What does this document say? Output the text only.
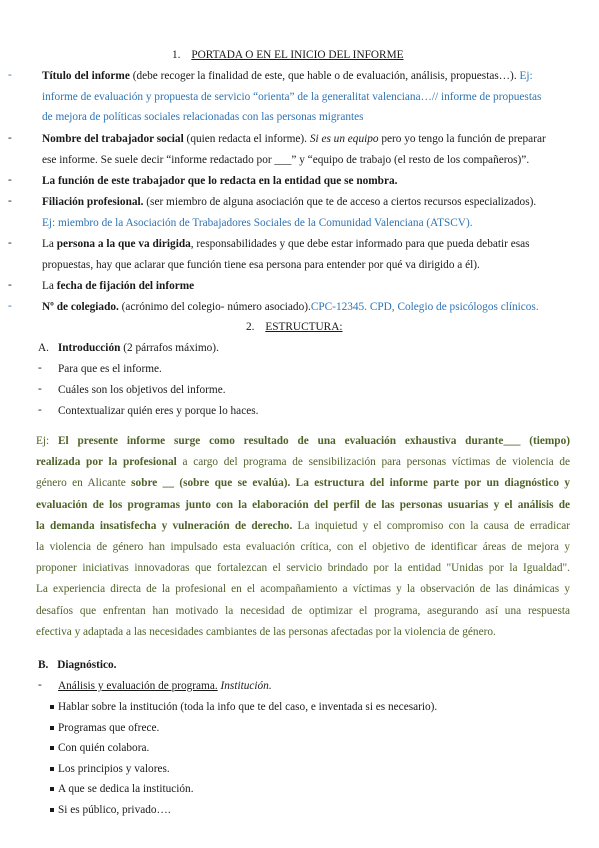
1. PORTADA O EN EL INICIO DEL INFORME
-	Título del informe (debe recoger la finalidad de este, que hable o de evaluación, análisis, propuestas…). Ej:
informe de evaluación y propuesta de servicio “orienta” de la generalitat valenciana…// informe de propuestas
de mejora de políticas sociales relacionadas con las personas migrantes
-	Nombre del trabajador social (quien redacta el informe). Si es un equipo pero yo tengo la función de preparar
ese informe. Se suele decir “informe redactado por ___” y “equipo de trabajo (el resto de los compañeros)”.
-	La función de este trabajador que lo redacta en la entidad que se nombra.
-	Filiación profesional. (ser miembro de alguna asociación que te de acceso a ciertos recursos especializados).
Ej: miembro de la Asociación de Trabajadores Sociales de la Comunidad Valenciana (ATSCV).
-	La persona a la que va dirigida, responsabilidades y que debe estar informado para que pueda debatir esas
propuestas, hay que aclarar que función tiene esa persona para entender por qué va dirigido a él).
-	La fecha de fijación del informe
-	Nº de colegiado. (acrónimo del colegio- número asociado).CPC-12345. CPD, Colegio de psicólogos clínicos.
2. ESTRUCTURA:
A. Introducción (2 párrafos máximo).
- Para que es el informe.
- Cuáles son los objetivos del informe.
- Contextualizar quién eres y porque lo haces.
Ej: El presente informe surge como resultado de una evaluación exhaustiva durante___ (tiempo)
realizada por la profesional a cargo del programa de sensibilización para personas víctimas de violencia de
género en Alicante sobre __ (sobre que se evalúa). La estructura del informe parte por un diagnóstico y
evaluación de los programas junto con la elaboración del perfil de las personas usuarias y el análisis de
la demanda insatisfecha y vulneración de derecho. La inquietud y el compromiso con la causa de erradicar
la violencia de género han impulsado esta evaluación crítica, con el objetivo de identificar áreas de mejora y
proponer iniciativas innovadoras que fortalezcan el servicio brindado por la entidad "Unidas por la Igualdad".
La experiencia directa de la profesional en el acompañamiento a víctimas y la observación de las dinámicas y
desafíos que enfrentan han motivado la necesidad de optimizar el programa, asegurando así una respuesta
efectiva y adaptada a las necesidades cambiantes de las personas afectadas por la violencia de género.
B. Diagnóstico.
- Análisis y evaluación de programa. Institución.
Hablar sobre la institución (toda la info que te del caso, e inventada si es necesario).
Programas que ofrece.
Con quién colabora.
Los principios y valores.
A que se dedica la institución.
Si es público, privado….
